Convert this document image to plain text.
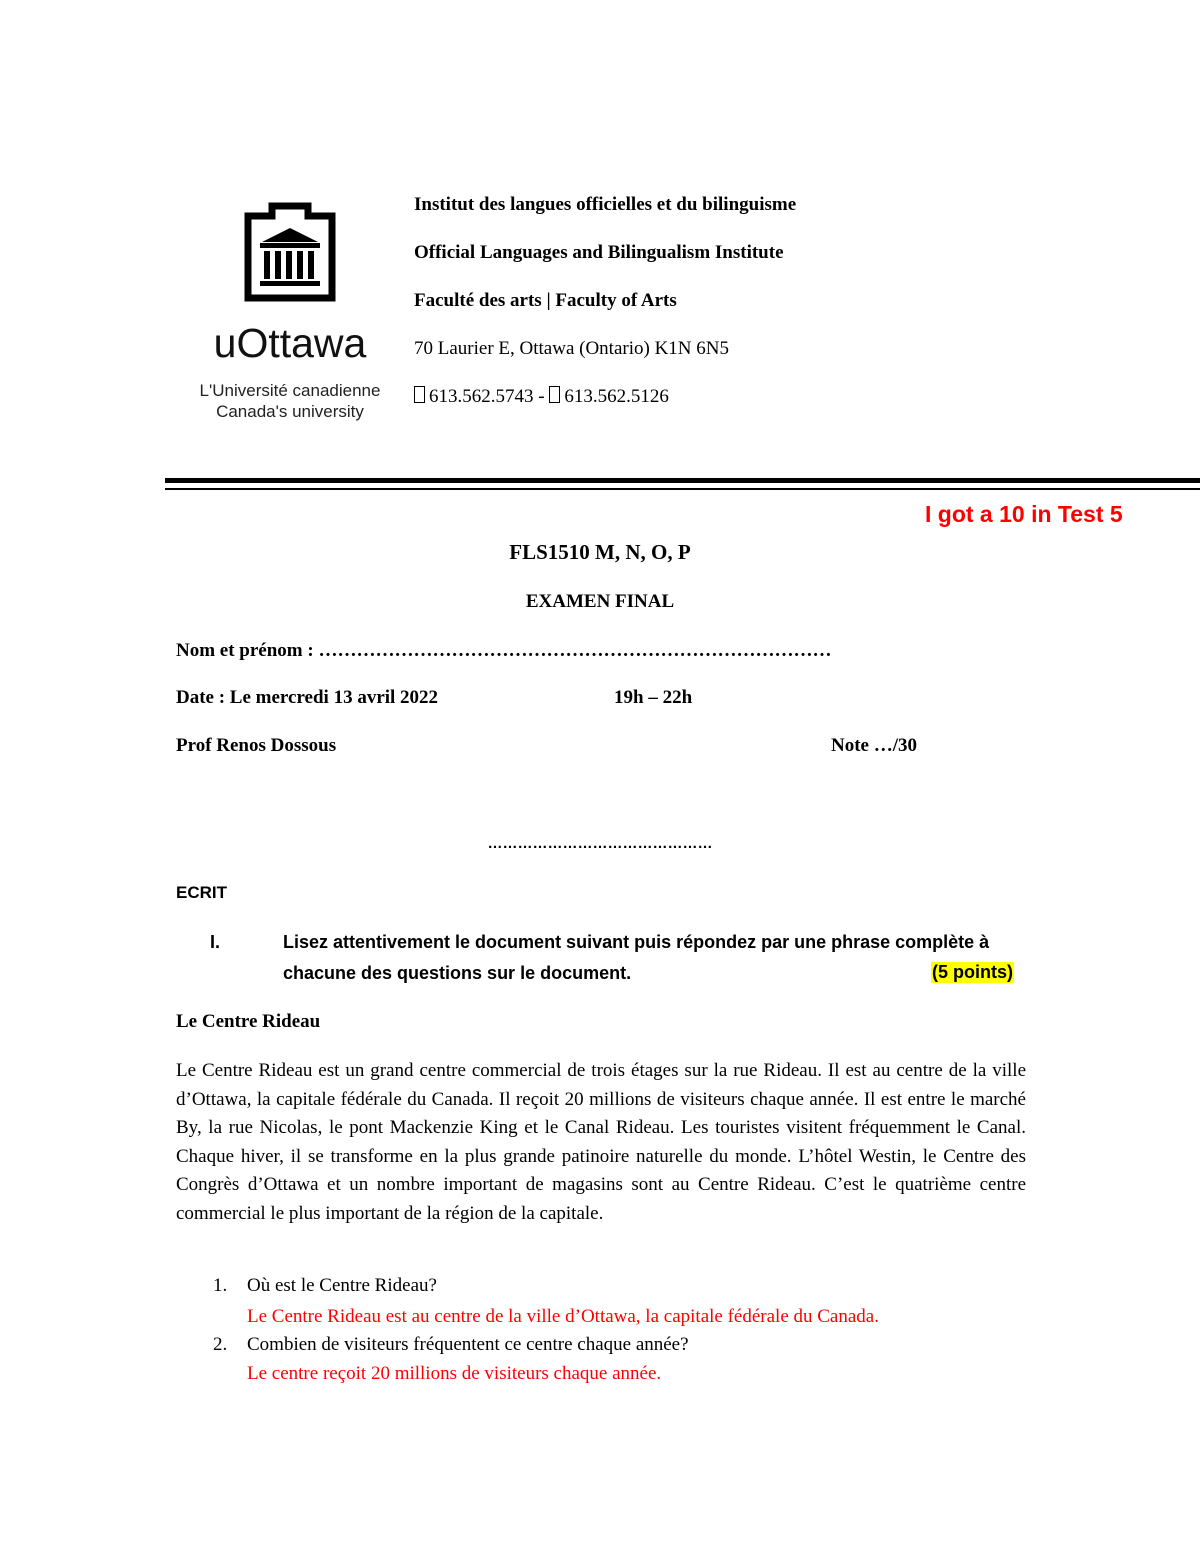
uOttawa
L'Université canadienne
Canada's university
Institut des langues officielles et du bilinguisme
Official Languages and Bilingualism Institute
Faculté des arts | Faculty of Arts
70 Laurier E, Ottawa (Ontario) K1N 6N5
613.562.5743 - 613.562.5126
I got a 10 in Test 5
FLS1510 M, N, O, P
EXAMEN FINAL
Nom et prénom : ………………………………………………………………………
Date : Le mercredi 13 avril 2022	19h – 22h
Prof Renos Dossous	Note …/30
………………………………………
ECRIT
I.	Lisez attentivement le document suivant puis répondez par une phrase complète à
chacune des questions sur le document.	(5 points)
Le Centre Rideau
Le Centre Rideau est un grand centre commercial de trois étages sur la rue Rideau. Il est au centre de la ville d’Ottawa, la capitale fédérale du Canada. Il reçoit 20 millions de visiteurs chaque année. Il est entre le marché By, la rue Nicolas, le pont Mackenzie King et le Canal Rideau. Les touristes visitent fréquemment le Canal. Chaque hiver, il se transforme en la plus grande patinoire naturelle du monde. L’hôtel Westin, le Centre des Congrès d’Ottawa et un nombre important de magasins sont au Centre Rideau. C’est le quatrième centre commercial le plus important de la région de la capitale.
1. Où est le Centre Rideau?
Le Centre Rideau est au centre de la ville d’Ottawa, la capitale fédérale du Canada.
2. Combien de visiteurs fréquentent ce centre chaque année?
Le centre reçoit 20 millions de visiteurs chaque année.
